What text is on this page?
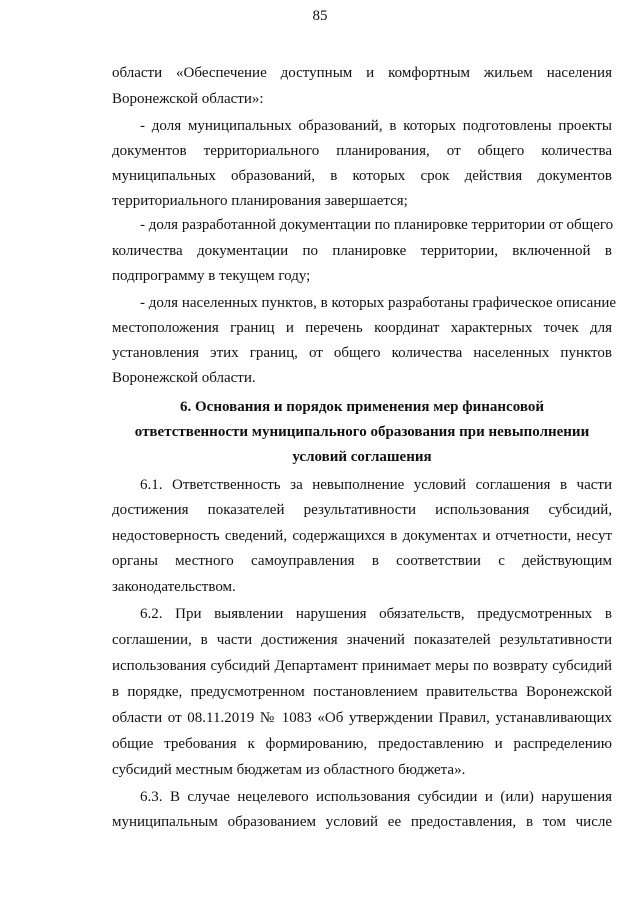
85
области «Обеспечение доступным и комфортным жильем населения
Воронежской области»:
- доля муниципальных образований, в которых подготовлены проекты
документов территориального планирования, от общего количества
муниципальных образований, в которых срок действия документов
территориального планирования завершается;
- доля разработанной документации по планировке территории от общего
количества документации по планировке территории, включенной в
подпрограмму в текущем году;
- доля населенных пунктов, в которых разработаны графическое описание
местоположения границ и перечень координат характерных точек для
установления этих границ, от общего количества населенных пунктов
Воронежской области.
6. Основания и порядок применения мер финансовой
ответственности муниципального образования при невыполнении
условий соглашения
6.1. Ответственность за невыполнение условий соглашения в части
достижения показателей результативности использования субсидий,
недостоверность сведений, содержащихся в документах и отчетности, несут
органы местного самоуправления в соответствии с действующим
законодательством.
6.2. При выявлении нарушения обязательств, предусмотренных в
соглашении, в части достижения значений показателей результативности
использования субсидий Департамент принимает меры по возврату субсидий
в порядке, предусмотренном постановлением правительства Воронежской
области от 08.11.2019 № 1083 «Об утверждении Правил, устанавливающих
общие требования к формированию, предоставлению и распределению
субсидий местным бюджетам из областного бюджета».
6.3. В случае нецелевого использования субсидии и (или) нарушения
муниципальным образованием условий ее предоставления, в том числе
